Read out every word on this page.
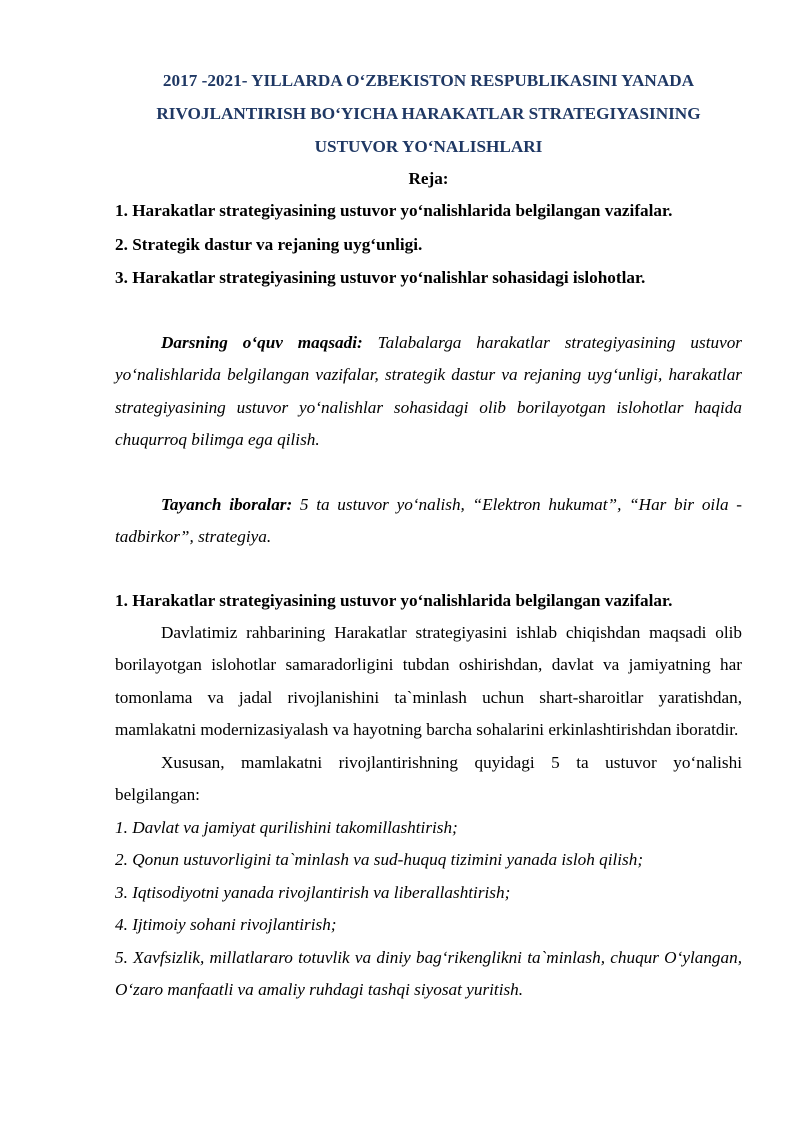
2017 -2021- YILLARDA O‘ZBEKISTON RESPUBLIKASINI YANADA
RIVOJLANTIRISH BO‘YICHA HARAKATLAR STRATEGIYASINING
USTUVOR YO‘NALISHLARI

Reja:

1. Harakatlar strategiyasining ustuvor yo‘nalishlarida belgilangan vazifalar.

2. Strategik dastur va rejaning uyg‘unligi.

3. Harakatlar strategiyasining ustuvor yo‘nalishlar sohasidagi islohotlar.

Darsning o‘quv maqsadi: Talabalarga harakatlar strategiyasining ustuvor yo‘nalishlarida belgilangan vazifalar, strategik dastur va rejaning uyg‘unligi, harakatlar strategiyasining ustuvor yo‘nalishlar sohasidagi olib borilayotgan islohotlar haqida chuqurroq bilimga ega qilish.

Tayanch iboralar: 5 ta ustuvor yo‘nalish, “Elektron hukumat”, “Har bir oila - tadbirkor”, strategiya.

1. Harakatlar strategiyasining ustuvor yo‘nalishlarida belgilangan vazifalar.

Davlatimiz rahbarining Harakatlar strategiyasini ishlab chiqishdan maqsadi olib borilayotgan islohotlar samaradorligini tubdan oshirishdan, davlat va jamiyatning har tomonlama va jadal rivojlanishini ta`minlash uchun shart-sharoitlar yaratishdan, mamlakatni modernizasiyalash va hayotning barcha sohalarini erkinlashtirishdan iboratdir.

Xususan, mamlakatni rivojlantirishning quyidagi 5 ta ustuvor yo‘nalishi belgilangan:

1. Davlat va jamiyat qurilishini takomillashtirish;

2. Qonun ustuvorligini ta`minlash va sud-huquq tizimini yanada isloh qilish;

3. Iqtisodiyotni yanada rivojlantirish va liberallashtirish;

4. Ijtimoiy sohani rivojlantirish;

5. Xavfsizlik, millatlararo totuvlik va diniy bag‘rikenglikni ta`minlash, chuqur O‘ylangan, O‘zaro manfaatli va amaliy ruhdagi tashqi siyosat yuritish.
